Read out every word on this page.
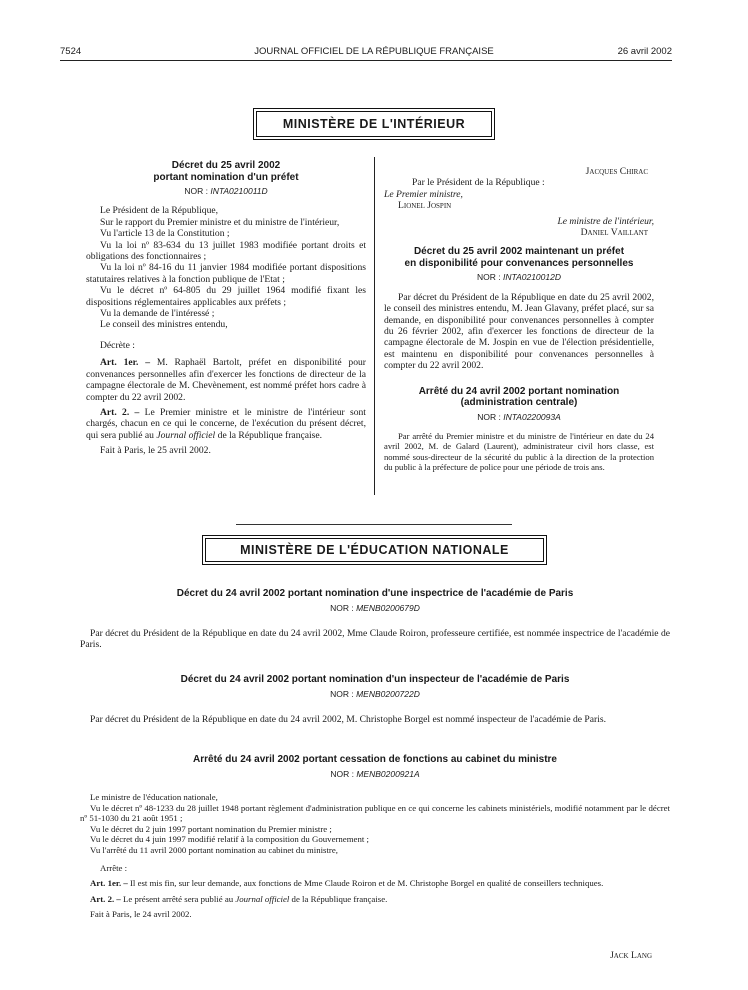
7524	JOURNAL OFFICIEL DE LA RÉPUBLIQUE FRANÇAISE	26 avril 2002
MINISTÈRE DE L'INTÉRIEUR
Décret du 25 avril 2002
portant nomination d'un préfet
NOR : INTA0210011D

Le Président de la République,

Sur le rapport du Premier ministre et du ministre de l'intérieur,

Vu l'article 13 de la Constitution ;

Vu la loi nº 83-634 du 13 juillet 1983 modifiée portant droits et obligations des fonctionnaires ;

Vu la loi nº 84-16 du 11 janvier 1984 modifiée portant dispositions statutaires relatives à la fonction publique de l'Etat ;

Vu le décret nº 64-805 du 29 juillet 1964 modifié fixant les dispositions réglementaires applicables aux préfets ;

Vu la demande de l'intéressé ;

Le conseil des ministres entendu,

Décrète :

Art. 1er. – M. Raphaël Bartolt, préfet en disponibilité pour convenances personnelles afin d'exercer les fonctions de directeur de la campagne électorale de M. Chevènement, est nommé préfet hors cadre à compter du 22 avril 2002.

Art. 2. – Le Premier ministre et le ministre de l'intérieur sont chargés, chacun en ce qui le concerne, de l'exécution du présent décret, qui sera publié au Journal officiel de la République française.

Fait à Paris, le 25 avril 2002.

Jacques Chirac
Par le Président de la République :
Le Premier ministre,
Lionel Jospin
Le ministre de l'intérieur,
Daniel Vaillant
Décret du 25 avril 2002 maintenant un préfet
en disponibilité pour convenances personnelles
NOR : INTA0210012D

Par décret du Président de la République en date du 25 avril 2002, le conseil des ministres entendu, M. Jean Glavany, préfet placé, sur sa demande, en disponibilité pour convenances personnelles à compter du 26 février 2002, afin d'exercer les fonctions de directeur de la campagne électorale de M. Jospin en vue de l'élection présidentielle, est maintenu en disponibilité pour convenances personnelles à compter du 22 avril 2002.

Arrêté du 24 avril 2002 portant nomination
(administration centrale)
NOR : INTA0220093A

Par arrêté du Premier ministre et du ministre de l'intérieur en date du 24 avril 2002, M. de Galard (Laurent), administrateur civil hors classe, est nommé sous-directeur de la sécurité du public à la direction de la protection du public à la préfecture de police pour une période de trois ans.

MINISTÈRE DE L'ÉDUCATION NATIONALE
Décret du 24 avril 2002 portant nomination d'une inspectrice de l'académie de Paris
NOR : MENB0200679D

Par décret du Président de la République en date du 24 avril 2002, Mme Claude Roiron, professeure certifiée, est nommée inspectrice de l'académie de Paris.

Décret du 24 avril 2002 portant nomination d'un inspecteur de l'académie de Paris
NOR : MENB0200722D

Par décret du Président de la République en date du 24 avril 2002, M. Christophe Borgel est nommé inspecteur de l'académie de Paris.

Arrêté du 24 avril 2002 portant cessation de fonctions au cabinet du ministre
NOR : MENB0200921A

Le ministre de l'éducation nationale,

Vu le décret nº 48-1233 du 28 juillet 1948 portant règlement d'administration publique en ce qui concerne les cabinets ministériels, modifié notamment par le décret nº 51-1030 du 21 août 1951 ;

Vu le décret du 2 juin 1997 portant nomination du Premier ministre ;

Vu le décret du 4 juin 1997 modifié relatif à la composition du Gouvernement ;

Vu l'arrêté du 11 avril 2000 portant nomination au cabinet du ministre,

Arrête :

Art. 1er. – Il est mis fin, sur leur demande, aux fonctions de Mme Claude Roiron et de M. Christophe Borgel en qualité de conseillers techniques.

Art. 2. – Le présent arrêté sera publié au Journal officiel de la République française.

Fait à Paris, le 24 avril 2002.

Jack Lang
